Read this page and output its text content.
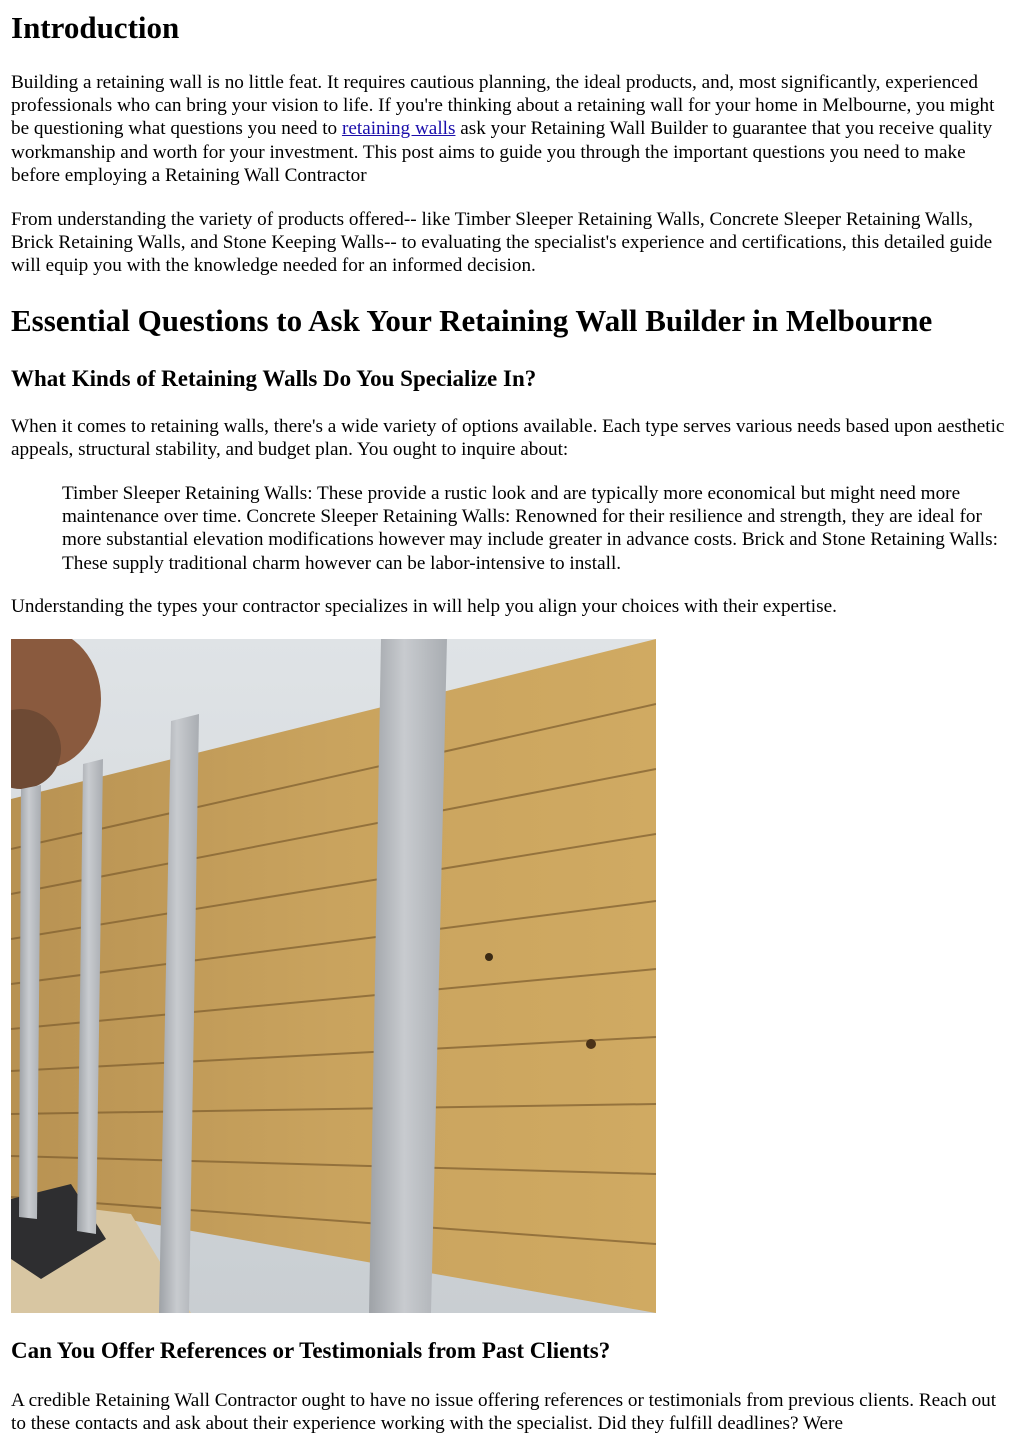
Introduction

Building a retaining wall is no little feat. It requires cautious planning, the ideal products, and, most significantly, experienced professionals who can bring your vision to life. If you're thinking about a retaining wall for your home in Melbourne, you might be questioning what questions you need to retaining walls ask your Retaining Wall Builder to guarantee that you receive quality workmanship and worth for your investment. This post aims to guide you through the important questions you need to make before employing a Retaining Wall Contractor

From understanding the variety of products offered-- like Timber Sleeper Retaining Walls, Concrete Sleeper Retaining Walls, Brick Retaining Walls, and Stone Keeping Walls-- to evaluating the specialist's experience and certifications, this detailed guide will equip you with the knowledge needed for an informed decision.

Essential Questions to Ask Your Retaining Wall Builder in Melbourne
What Kinds of Retaining Walls Do You Specialize In?

When it comes to retaining walls, there's a wide variety of options available. Each type serves various needs based upon aesthetic appeals, structural stability, and budget plan. You ought to inquire about:

Timber Sleeper Retaining Walls: These provide a rustic look and are typically more economical but might need more maintenance over time. Concrete Sleeper Retaining Walls: Renowned for their resilience and strength, they are ideal for more substantial elevation modifications however may include greater in advance costs. Brick and Stone Retaining Walls: These supply traditional charm however can be labor-intensive to install.

Understanding the types your contractor specializes in will help you align your choices with their expertise.

Can You Offer References or Testimonials from Past Clients?

A credible Retaining Wall Contractor ought to have no issue offering references or testimonials from previous clients. Reach out to these contacts and ask about their experience working with the specialist. Did they fulfill deadlines? Were
